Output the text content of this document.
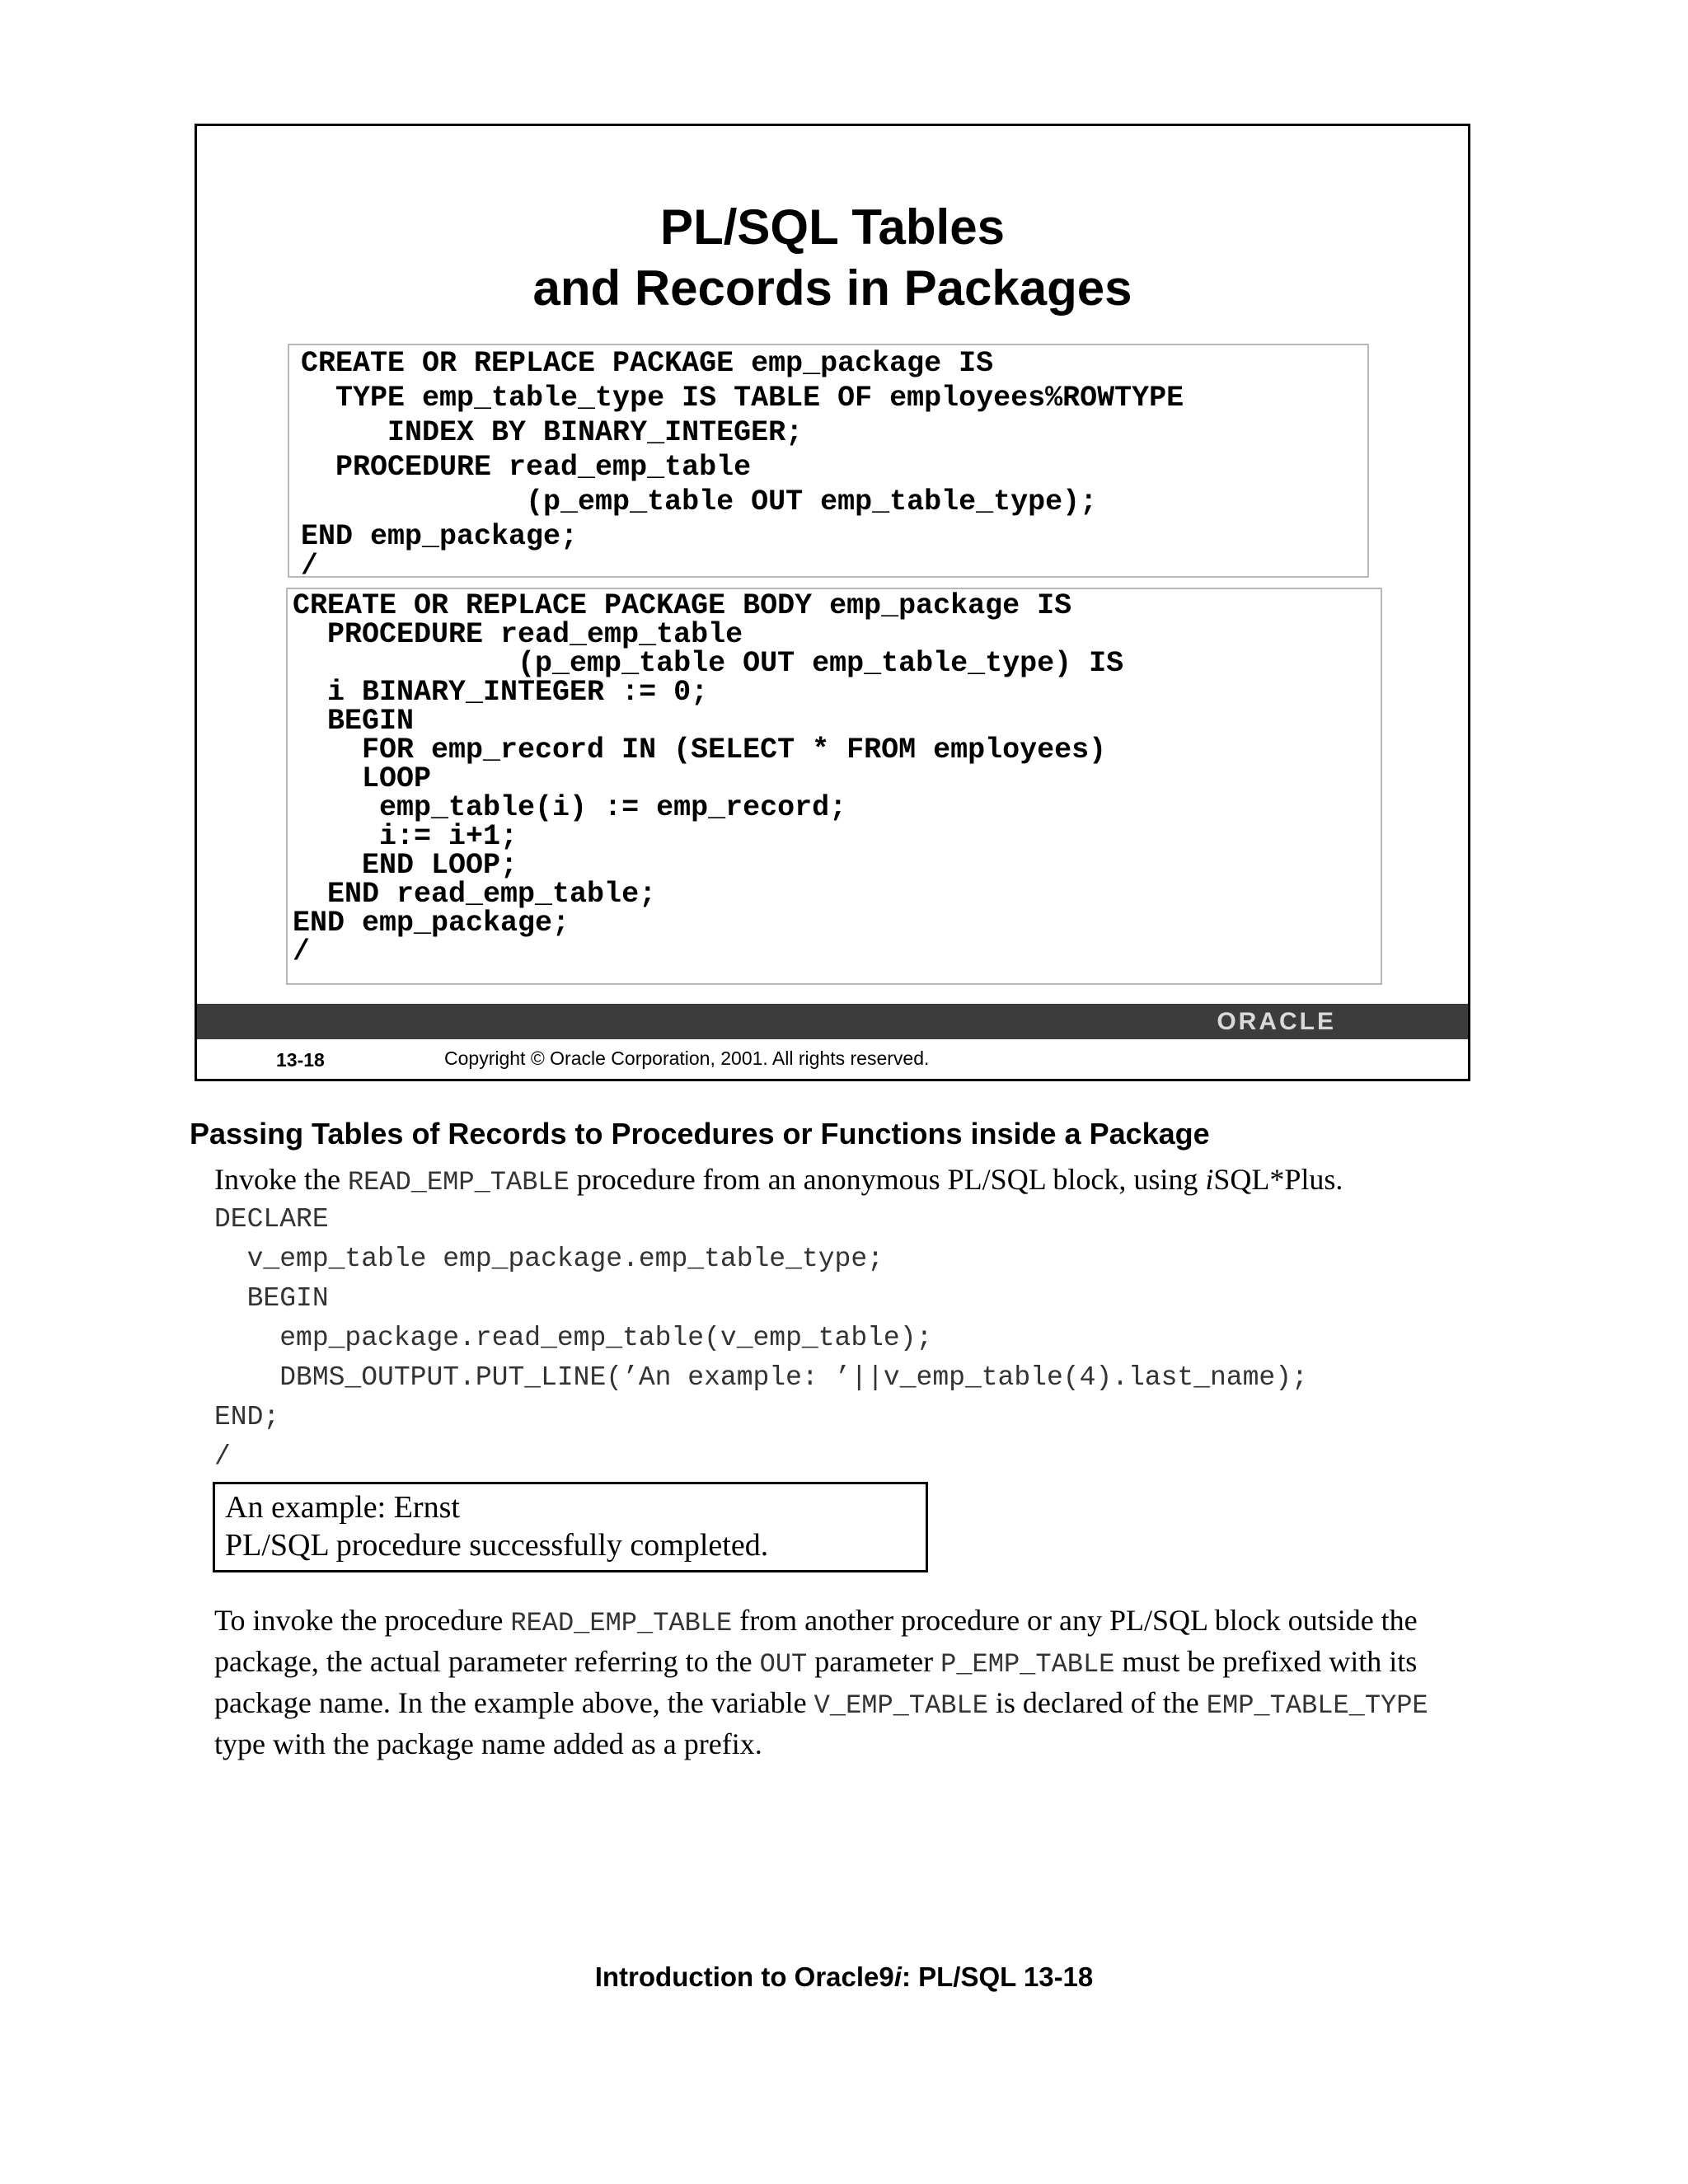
PL/SQL Tables
and Records in Packages
CREATE OR REPLACE PACKAGE emp_package IS
TYPE emp_table_type IS TABLE OF employees%ROWTYPE
INDEX BY BINARY_INTEGER;
PROCEDURE read_emp_table
(p_emp_table OUT emp_table_type);
END emp_package;
/
CREATE OR REPLACE PACKAGE BODY emp_package IS
PROCEDURE read_emp_table
(p_emp_table OUT emp_table_type) IS
i BINARY_INTEGER := 0;
BEGIN
FOR emp_record IN (SELECT * FROM employees)
LOOP
emp_table(i) := emp_record;
i:= i+1;
END LOOP;
END read_emp_table;
END emp_package;
/
ORACLE
13-18	Copyright © Oracle Corporation, 2001. All rights reserved.
Passing Tables of Records to Procedures or Functions inside a Package
Invoke the READ_EMP_TABLE procedure from an anonymous PL/SQL block, using iSQL*Plus.
DECLARE
v_emp_table emp_package.emp_table_type;
BEGIN
emp_package.read_emp_table(v_emp_table);
DBMS_OUTPUT.PUT_LINE(’An example: ’||v_emp_table(4).last_name);
END;
/
An example: Ernst
PL/SQL procedure successfully completed.
To invoke the procedure READ_EMP_TABLE from another procedure or any PL/SQL block outside the
package, the actual parameter referring to the OUT parameter P_EMP_TABLE must be prefixed with its
package name. In the example above, the variable V_EMP_TABLE is declared of the EMP_TABLE_TYPE
type with the package name added as a prefix.
Introduction to Oracle9i: PL/SQL 13-18
